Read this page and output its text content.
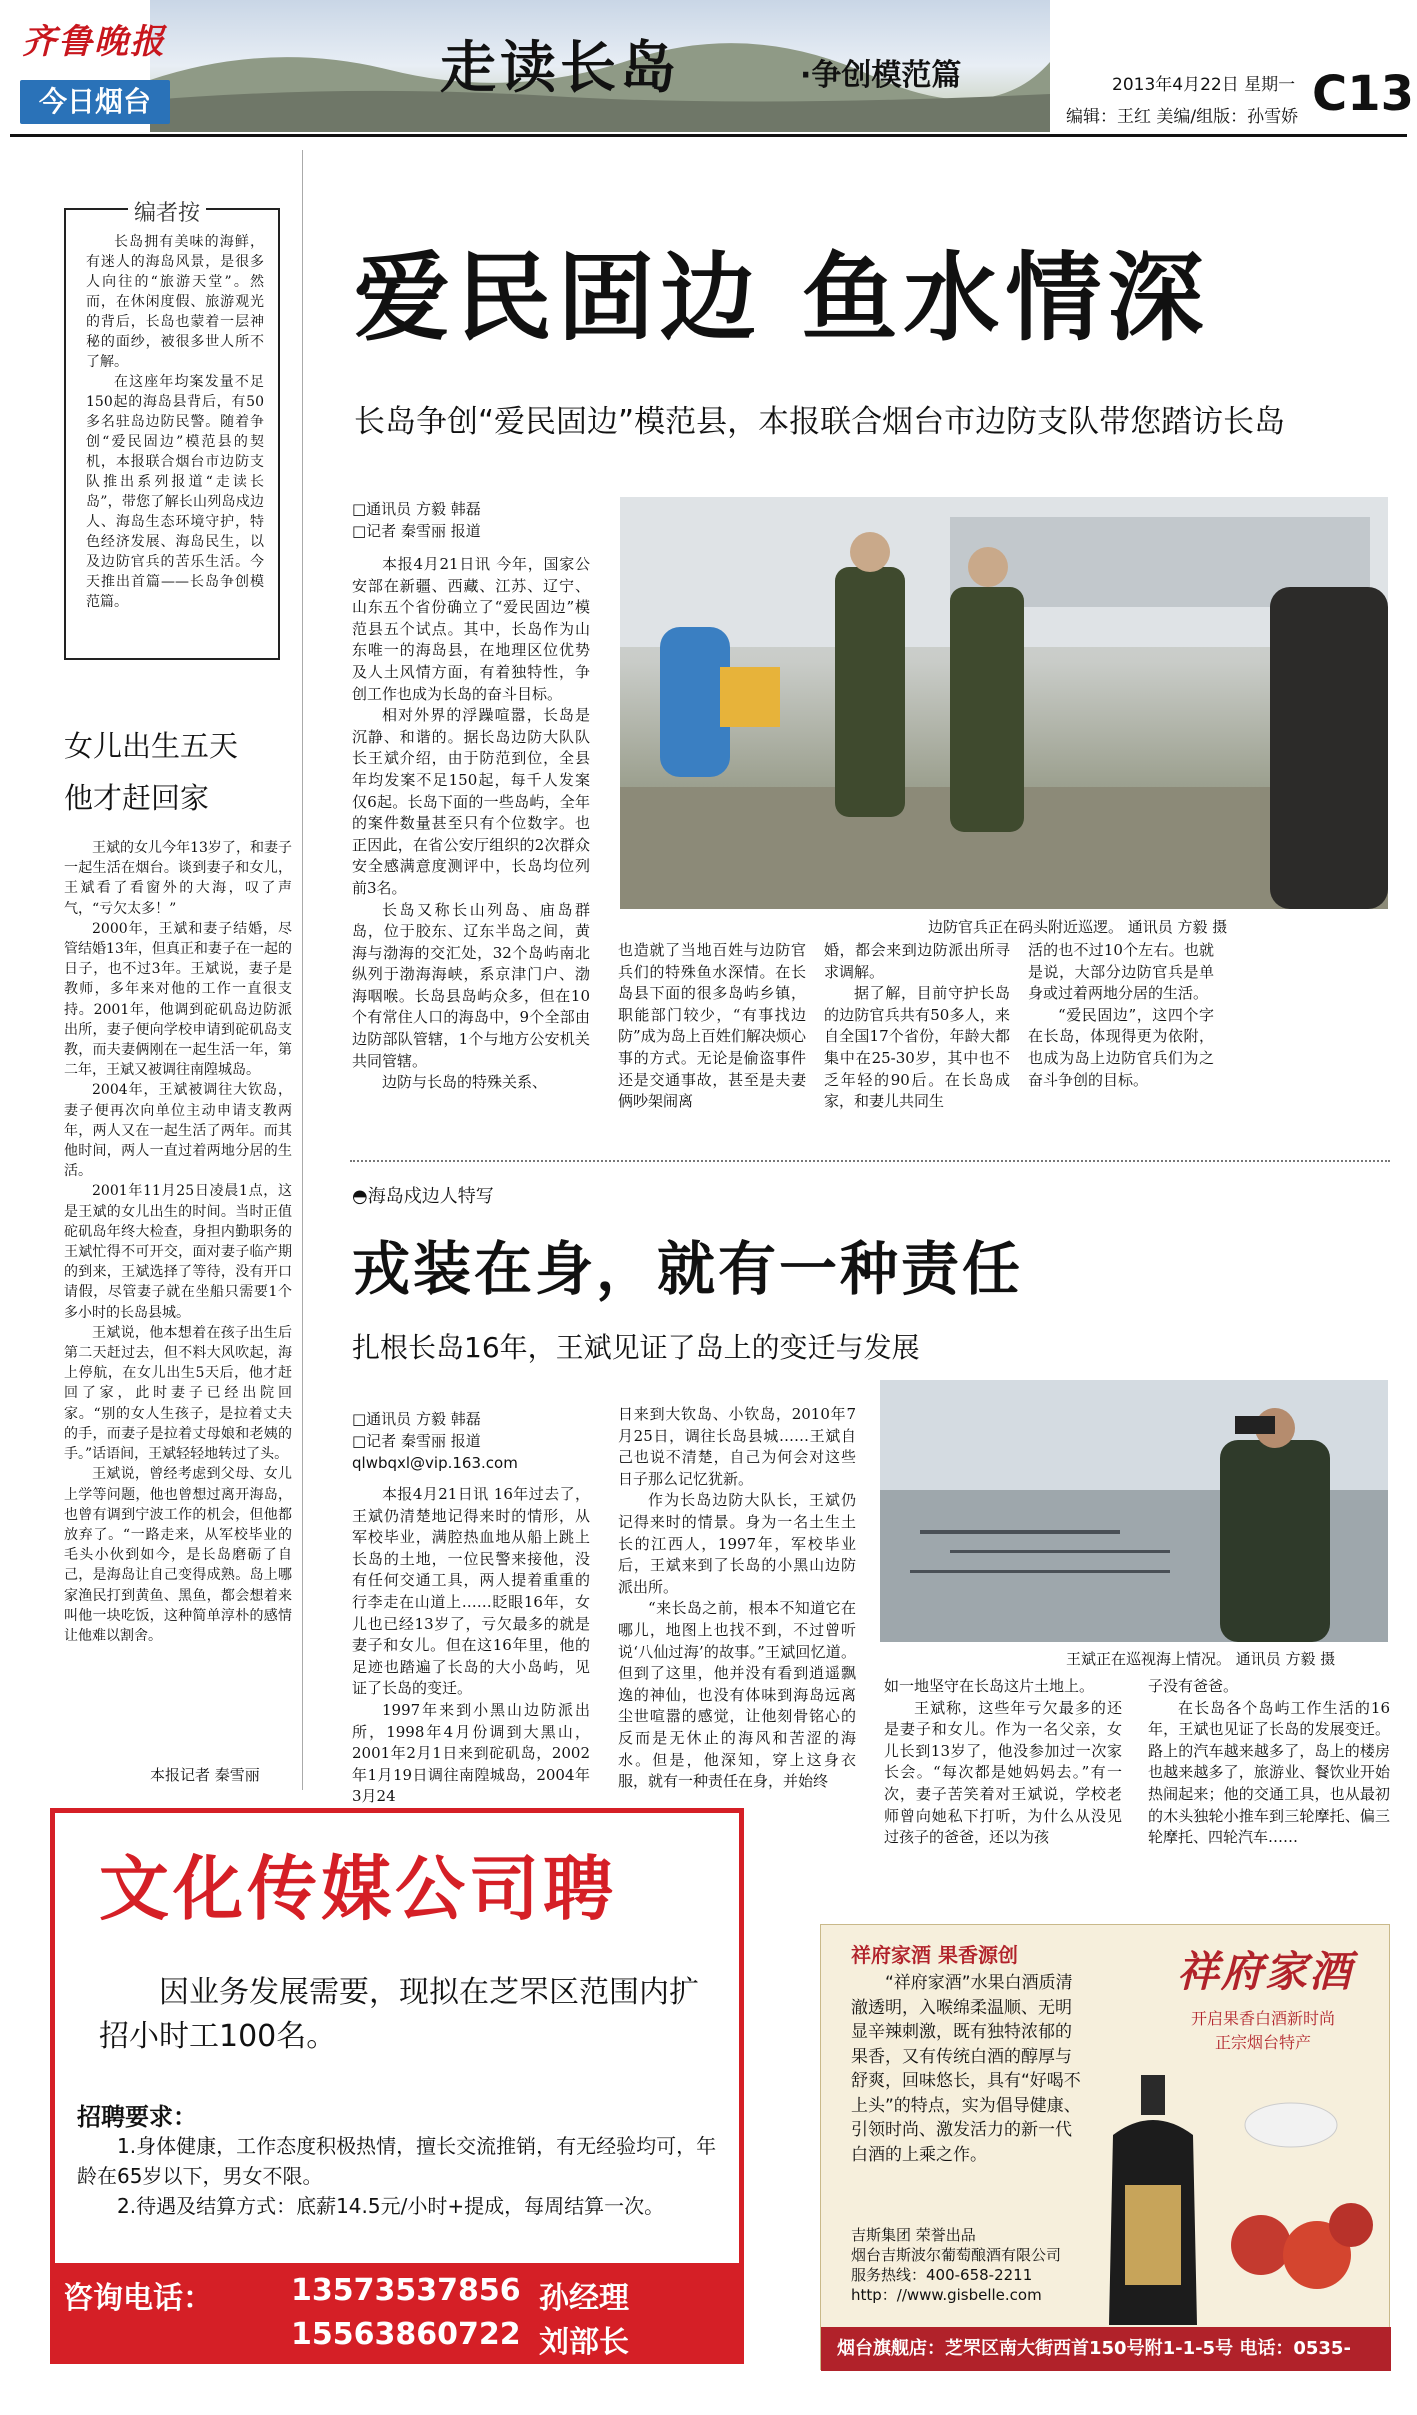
齐鲁晚报
今日烟台
走读长岛	·争创模范篇	2013年4月22日 星期一 C13
编辑：王红 美编/组版：孙雪娇
编者按

长岛拥有美味的海鲜，有迷人的海岛风景，是很多人向往的“旅游天堂”。然而，在休闲度假、旅游观光的背后，长岛也蒙着一层神秘的面纱，被很多世人所不了解。

在这座年均案发量不足150起的海岛县背后，有50多名驻岛边防民警。随着争创“爱民固边”模范县的契机，本报联合烟台市边防支队推出系列报道“走读长岛”，带您了解长山列岛戍边人、海岛生态环境守护，特色经济发展、海岛民生，以及边防官兵的苦乐生活。今天推出首篇——长岛争创模范篇。

女儿出生五天
他才赶回家

王斌的女儿今年13岁了，和妻子一起生活在烟台。谈到妻子和女儿，王斌看了看窗外的大海，叹了声气，“亏欠太多！”

2000年，王斌和妻子结婚，尽管结婚13年，但真正和妻子在一起的日子，也不过3年。王斌说，妻子是教师，多年来对他的工作一直很支持。2001年，他调到砣矶岛边防派出所，妻子便向学校申请到砣矶岛支教，而夫妻俩刚在一起生活一年，第二年，王斌又被调往南隍城岛。

2004年，王斌被调往大钦岛，妻子便再次向单位主动申请支教两年，两人又在一起生活了两年。而其他时间，两人一直过着两地分居的生活。

2001年11月25日凌晨1点，这是王斌的女儿出生的时间。当时正值砣矶岛年终大检查，身担内勤职务的王斌忙得不可开交，面对妻子临产期的到来，王斌选择了等待，没有开口请假，尽管妻子就在坐船只需要1个多小时的长岛县城。

王斌说，他本想着在孩子出生后第二天赶过去，但不料大风吹起，海上停航，在女儿出生5天后，他才赶回了家，此时妻子已经出院回家。“别的女人生孩子，是拉着丈夫的手，而妻子是拉着丈母娘和老姨的手。”话语间，王斌轻轻地转过了头。

王斌说，曾经考虑到父母、女儿上学等问题，他也曾想过离开海岛，也曾有调到宁波工作的机会，但他都放弃了。“一路走来，从军校毕业的毛头小伙到如今，是长岛磨砺了自己，是海岛让自己变得成熟。岛上哪家渔民打到黄鱼、黑鱼，都会想着来叫他一块吃饭，这种简单淳朴的感情让他难以割舍。

本报记者 秦雪丽
爱民固边 鱼水情深
长岛争创“爱民固边”模范县，本报联合烟台市边防支队带您踏访长岛
□通讯员 方毅 韩磊
□记者 秦雪丽 报道

本报4月21日讯 今年，国家公安部在新疆、西藏、江苏、辽宁、山东五个省份确立了“爱民固边”模范县五个试点。其中，长岛作为山东唯一的海岛县，在地理区位优势及人土风情方面，有着独特性，争创工作也成为长岛的奋斗目标。

相对外界的浮躁喧嚣，长岛是沉静、和谐的。据长岛边防大队队长王斌介绍，由于防范到位，全县年均发案不足150起，每千人发案仅6起。长岛下面的一些岛屿，全年的案件数量甚至只有个位数字。也正因此，在省公安厅组织的2次群众安全感满意度测评中，长岛均位列前3名。

长岛又称长山列岛、庙岛群岛，位于胶东、辽东半岛之间，黄海与渤海的交汇处，32个岛屿南北纵列于渤海海峡，系京津门户、渤海咽喉。长岛县岛屿众多，但在10个有常住人口的海岛中，9个全部由边防部队管辖，1个与地方公安机关共同管辖。

边防与长岛的特殊关系、

边防官兵正在码头附近巡逻。 通讯员 方毅 摄

也造就了当地百姓与边防官兵们的特殊鱼水深情。在长岛县下面的很多岛屿乡镇，职能部门较少，“有事找边防”成为岛上百姓们解决烦心事的方式。无论是偷盗事件还是交通事故，甚至是夫妻俩吵架闹离

婚，都会来到边防派出所寻求调解。

据了解，目前守护长岛的边防官兵共有50多人，来自全国17个省份，年龄大都集中在25-30岁，其中也不乏年轻的90后。在长岛成家，和妻儿共同生

活的也不过10个左右。也就是说，大部分边防官兵是单身或过着两地分居的生活。

“爱民固边”，这四个字在长岛，体现得更为依附，也成为岛上边防官兵们为之奋斗争创的目标。

◓海岛戍边人特写
戎装在身，就有一种责任
扎根长岛16年，王斌见证了岛上的变迁与发展
□通讯员 方毅 韩磊
□记者 秦雪丽 报道
qlwbqxl@vip.163.com

本报4月21日讯 16年过去了，王斌仍清楚地记得来时的情形，从军校毕业，满腔热血地从船上跳上长岛的土地，一位民警来接他，没有任何交通工具，两人提着重重的行李走在山道上……眨眼16年，女儿也已经13岁了，亏欠最多的就是妻子和女儿。但在这16年里，他的足迹也踏遍了长岛的大小岛屿，见证了长岛的变迁。

1997年来到小黑山边防派出所，1998年4月份调到大黑山，2001年2月1日来到砣矶岛，2002年1月19日调往南隍城岛，2004年3月24

日来到大钦岛、小钦岛，2010年7月25日，调往长岛县城……王斌自己也说不清楚，自己为何会对这些日子那么记忆犹新。

作为长岛边防大队长，王斌仍记得来时的情景。身为一名土生土长的江西人，1997年，军校毕业后，王斌来到了长岛的小黑山边防派出所。

“来长岛之前，根本不知道它在哪儿，地图上也找不到，不过曾听说‘八仙过海’的故事。”王斌回忆道。但到了这里，他并没有看到逍遥飘逸的神仙，也没有体味到海岛远离尘世喧嚣的感觉，让他刻骨铭心的反而是无休止的海风和苦涩的海水。但是，他深知，穿上这身衣服，就有一种责任在身，并始终

王斌正在巡视海上情况。 通讯员 方毅 摄

如一地坚守在长岛这片土地上。

王斌称，这些年亏欠最多的还是妻子和女儿。作为一名父亲，女儿长到13岁了，他没参加过一次家长会。“每次都是她妈妈去。”有一次，妻子苦笑着对王斌说，学校老师曾向她私下打听，为什么从没见过孩子的爸爸，还以为孩

子没有爸爸。

在长岛各个岛屿工作生活的16年，王斌也见证了长岛的发展变迁。路上的汽车越来越多了，岛上的楼房也越来越多了，旅游业、餐饮业开始热闹起来；他的交通工具，也从最初的木头独轮小推车到三轮摩托、偏三轮摩托、四轮汽车……

文化传媒公司聘

因业务发展需要，现拟在芝罘区范围内扩招小时工100名。

招聘要求：

1.身体健康，工作态度积极热情，擅长交流推销，有无经验均可，年龄在65岁以下，男女不限。

2.待遇及结算方式：底薪14.5元/小时+提成，每周结算一次。

咨询电话：	13573537856 孙经理
15563860722 刘部长
祥府家酒 果香源创

“祥府家酒”水果白酒质清澈透明，入喉绵柔温顺、无明显辛辣刺激，既有独特浓郁的果香，又有传统白酒的醇厚与舒爽，回味悠长，具有“好喝不上头”的特点，实为倡导健康、引领时尚、激发活力的新一代白酒的上乘之作。

祥府家酒
开启果香白酒新时尚
正宗烟台特产
吉斯集团 荣誉出品
烟台吉斯波尔葡萄酿酒有限公司
服务热线：400-658-2211
http：//www.gisbelle.com
烟台旗舰店：芝罘区南大街西首150号附1-1-5号 电话：0535-6694999
